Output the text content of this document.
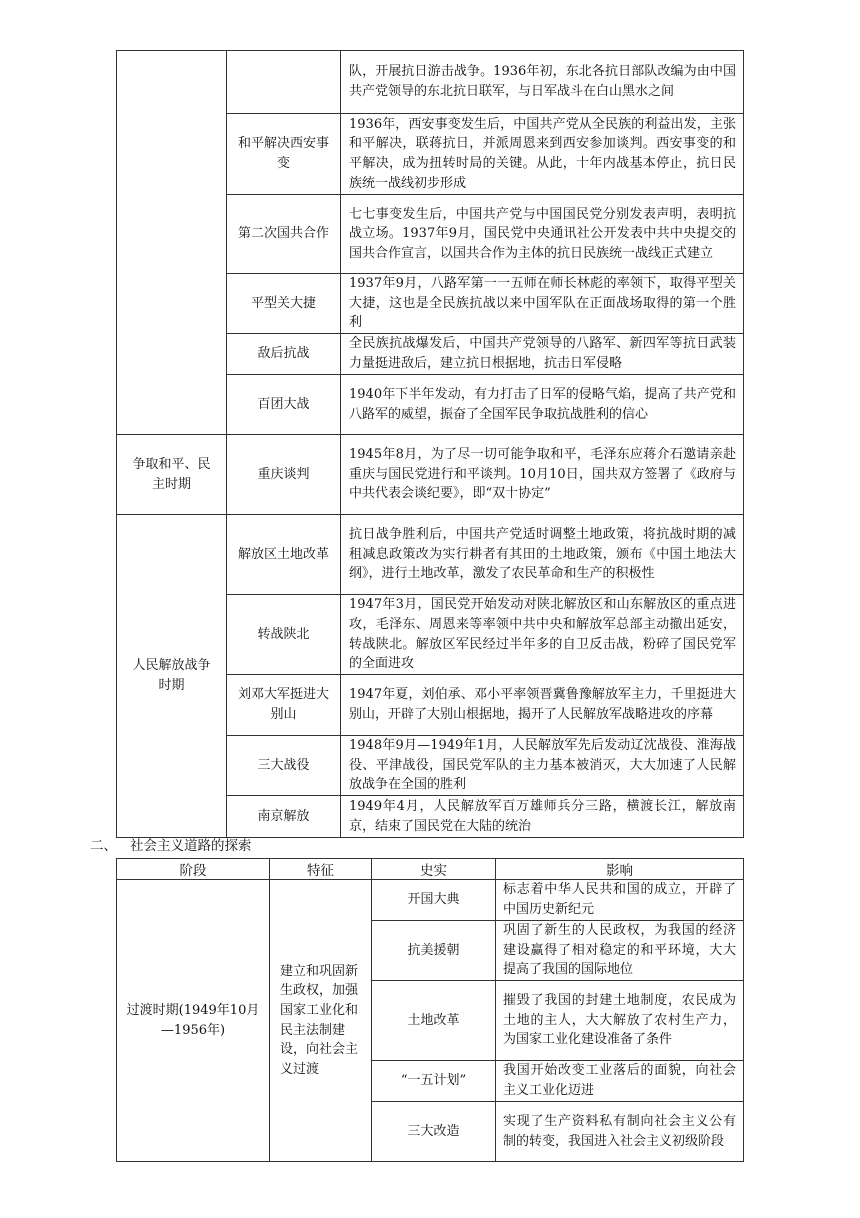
		队，开展抗日游击战争。1936年初，东北各抗日部队改编为由中国共产党领导的东北抗日联军，与日军战斗在白山黑水之间
	和平解决西安事变	1936年，西安事变发生后，中国共产党从全民族的利益出发，主张和平解决，联蒋抗日，并派周恩来到西安参加谈判。西安事变的和平解决，成为扭转时局的关键。从此，十年内战基本停止，抗日民族统一战线初步形成
	第二次国共合作	七七事变发生后，中国共产党与中国国民党分别发表声明，表明抗战立场。1937年9月，国民党中央通讯社公开发表中共中央提交的国共合作宣言，以国共合作为主体的抗日民族统一战线正式建立
	平型关大捷	1937年9月，八路军第一一五师在师长林彪的率领下，取得平型关大捷，这也是全民族抗战以来中国军队在正面战场取得的第一个胜利
	敌后抗战	全民族抗战爆发后，中国共产党领导的八路军、新四军等抗日武装力量挺进敌后，建立抗日根据地，抗击日军侵略
	百团大战	1940年下半年发动，有力打击了日军的侵略气焰，提高了共产党和八路军的威望，振奋了全国军民争取抗战胜利的信心
争取和平、民主时期	重庆谈判	1945年8月，为了尽一切可能争取和平，毛泽东应蒋介石邀请亲赴重庆与国民党进行和平谈判。10月10日，国共双方签署了《政府与中共代表会谈纪要》，即“双十协定”
人民解放战争时期	解放区土地改革	抗日战争胜利后，中国共产党适时调整土地政策，将抗战时期的减租减息政策改为实行耕者有其田的土地政策，颁布《中国土地法大纲》，进行土地改革，激发了农民革命和生产的积极性
	转战陕北	1947年3月，国民党开始发动对陕北解放区和山东解放区的重点进攻，毛泽东、周恩来等率领中共中央和解放军总部主动撤出延安，转战陕北。解放区军民经过半年多的自卫反击战，粉碎了国民党军的全面进攻
	刘邓大军挺进大别山	1947年夏，刘伯承、邓小平率领晋冀鲁豫解放军主力，千里挺进大别山，开辟了大别山根据地，揭开了人民解放军战略进攻的序幕
	三大战役	1948年9月—1949年1月，人民解放军先后发动辽沈战役、淮海战役、平津战役，国民党军队的主力基本被消灭，大大加速了人民解放战争在全国的胜利
	南京解放	1949年4月，人民解放军百万雄师兵分三路，横渡长江，解放南京，结束了国民党在大陆的统治
二、 社会主义道路的探索
阶段	特征	史实	影响
过渡时期(1949年10月—1956年)	建立和巩固新生政权，加强国家工业化和民主法制建设，向社会主义过渡	开国大典	标志着中华人民共和国的成立，开辟了中国历史新纪元
		抗美援朝	巩固了新生的人民政权，为我国的经济建设赢得了相对稳定的和平环境，大大提高了我国的国际地位
		土地改革	摧毁了我国的封建土地制度，农民成为土地的主人，大大解放了农村生产力，为国家工业化建设准备了条件
		“一五计划”	我国开始改变工业落后的面貌，向社会主义工业化迈进
		三大改造	实现了生产资料私有制向社会主义公有制的转变，我国进入社会主义初级阶段
